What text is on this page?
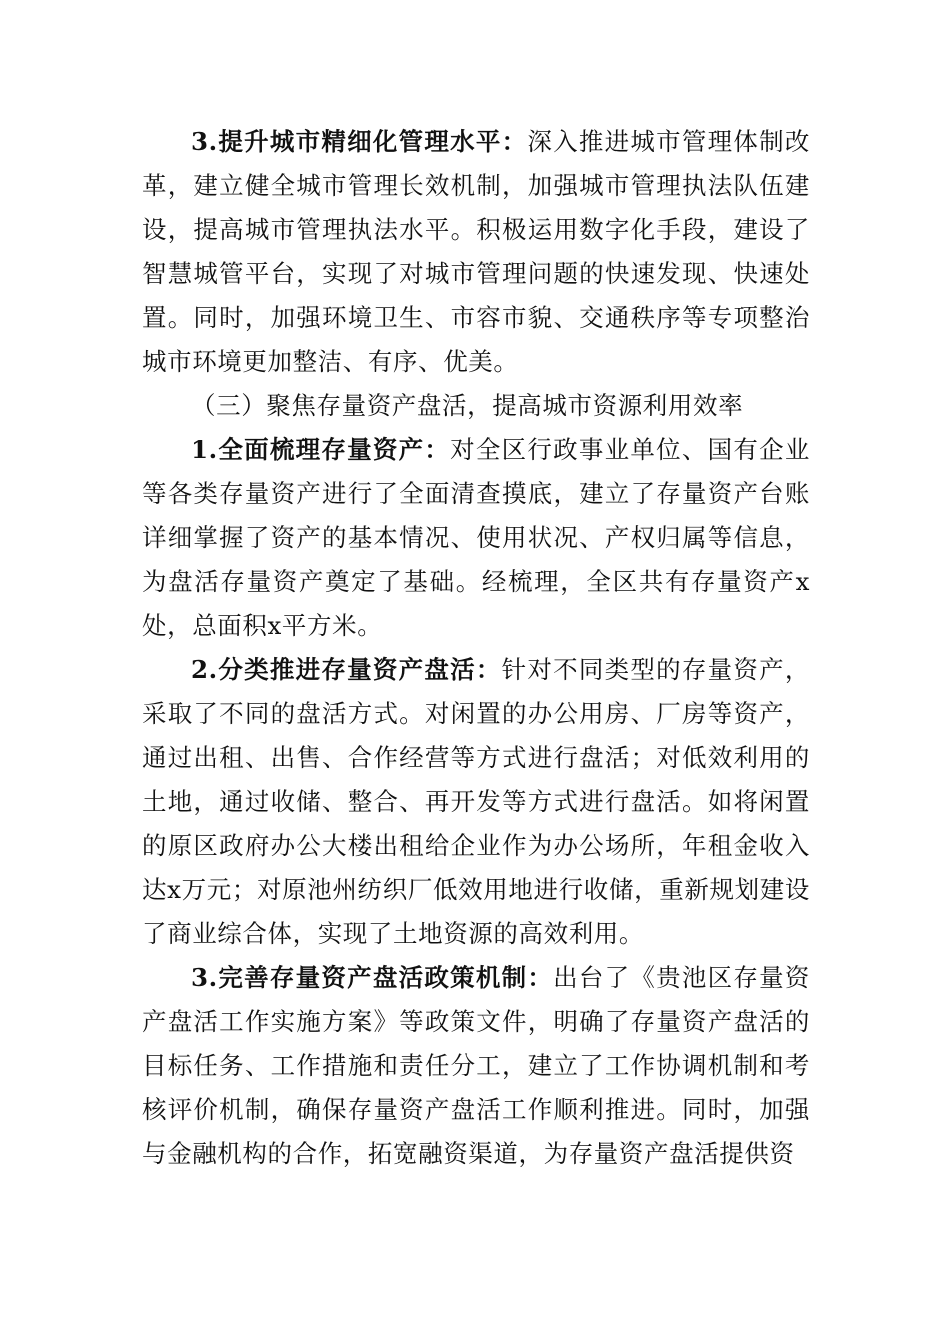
3.提升城市精细化管理水平：深入推进城市管理体制改革，建立健全城市管理长效机制，加强城市管理执法队伍建设，提高城市管理执法水平。积极运用数字化手段，建设了智慧城管平台，实现了对城市管理问题的快速发现、快速处置。同时，加强环境卫生、市容市貌、交通秩序等专项整治城市环境更加整洁、有序、优美。

（三）聚焦存量资产盘活，提高城市资源利用效率

1.全面梳理存量资产：对全区行政事业单位、国有企业等各类存量资产进行了全面清查摸底，建立了存量资产台账详细掌握了资产的基本情况、使用状况、产权归属等信息，为盘活存量资产奠定了基础。经梳理，全区共有存量资产x处，总面积x平方米。

2.分类推进存量资产盘活：针对不同类型的存量资产，采取了不同的盘活方式。对闲置的办公用房、厂房等资产，通过出租、出售、合作经营等方式进行盘活；对低效利用的土地，通过收储、整合、再开发等方式进行盘活。如将闲置的原区政府办公大楼出租给企业作为办公场所，年租金收入达x万元；对原池州纺织厂低效用地进行收储，重新规划建设了商业综合体，实现了土地资源的高效利用。

3.完善存量资产盘活政策机制：出台了《贵池区存量资产盘活工作实施方案》等政策文件，明确了存量资产盘活的目标任务、工作措施和责任分工，建立了工作协调机制和考核评价机制，确保存量资产盘活工作顺利推进。同时，加强与金融机构的合作，拓宽融资渠道，为存量资产盘活提供资
